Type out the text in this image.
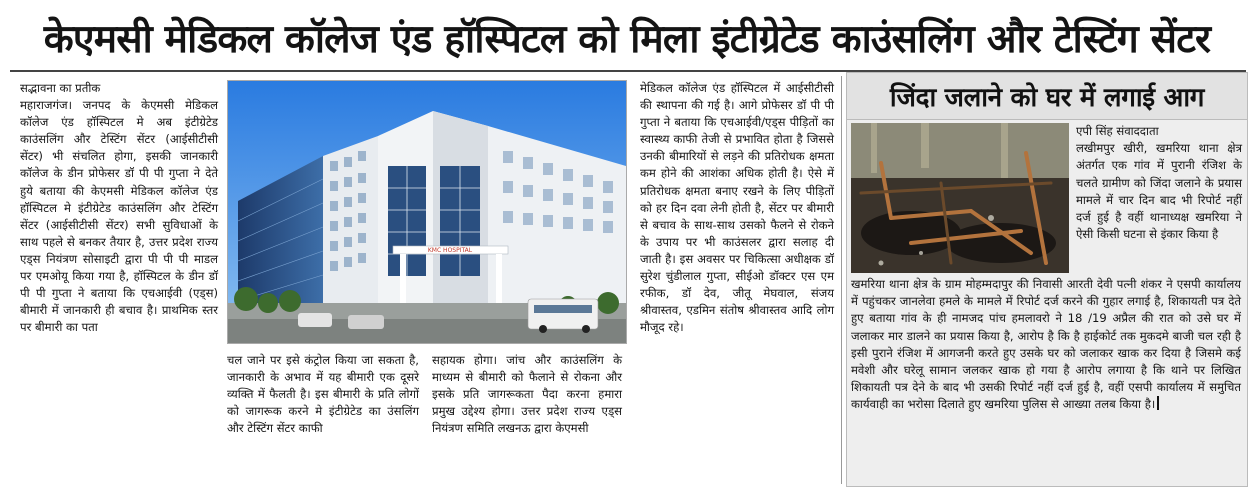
केएमसी मेडिकल कॉलेज एंड हॉस्पिटल को मिला इंटीग्रेटेड काउंसलिंग और टेस्टिंग सेंटर

सद्भावना का प्रतीक

महाराजगंज। जनपद के केएमसी मेडिकल कॉलेज एंड हॉस्पिटल मे अब इंटीग्रेटेड काउंसलिंग और टेस्टिंग सेंटर (आईसीटीसी सेंटर) भी संचलित होगा, इसकी जानकारी कॉलेज के डीन प्रोफेसर डॉ पी पी गुप्ता ने देते हुये बताया की केएमसी मेडिकल कॉलेज एंड हॉस्पिटल मे इंटीग्रेटेड काउंसलिंग और टेस्टिंग सेंटर (आईसीटीसी सेंटर) सभी सुविधाओं के साथ पहले से बनकर तैयार है, उत्तर प्रदेश राज्य एड्स नियंत्रण सोसाइटी द्वारा पी पी पी माडल पर एमओयू किया गया है, हॉस्पिटल के डीन डॉ पी पी गुप्ता ने बताया कि एचआईवी (एड्स) बीमारी में जानकारी ही बचाव है। प्राथमिक स्तर पर बीमारी का पता

KMC HOSPITAL

चल जाने पर इसे कंट्रोल किया जा सकता है, जानकारी के अभाव में यह बीमारी एक दूसरे व्यक्ति में फैलती है। इस बीमारी के प्रति लोगों को जागरूक करने मे इंटीग्रेटेड का उंसलिंग और टेस्टिंग सेंटर काफी

सहायक होगा। जांच और काउंसलिंग के माध्यम से बीमारी को फैलाने से रोकना और इसके प्रति जागरूकता पैदा करना हमारा प्रमुख उद्देश्य होगा। उत्तर प्रदेश राज्य एड्स नियंत्रण समिति लखनऊ द्वारा केएमसी

मेडिकल कॉलेज एंड हॉस्पिटल में आईसीटीसी की स्थापना की गई है। आगे प्रोफेसर डॉ पी पी गुप्ता ने बताया कि एचआईवी/एड्स पीड़ितों का स्वास्थ्य काफी तेजी से प्रभावित होता है जिससे उनकी बीमारियों से लड़ने की प्रतिरोधक क्षमता कम होने की आशंका अधिक होती है। ऐसे में प्रतिरोधक क्षमता बनाए रखने के लिए पीड़ितों को हर दिन दवा लेनी होती है, सेंटर पर बीमारी से बचाव के साथ-साथ उसको फैलने से रोकने के उपाय पर भी काउंसलर द्वारा सलाह दी जाती है। इस अवसर पर चिकित्सा अधीक्षक डॉ सुरेश चुंडीलाल गुप्ता, सीईओ डॉक्टर एस एम रफीक, डॉ देव, जीतू मेघवाल, संजय श्रीवास्तव, एडमिन संतोष श्रीवास्तव आदि लोग मौजूद रहे।

जिंदा जलाने को घर में लगाई आग

एपी सिंह संवाददाता

लखीमपुर खीरी, खमरिया थाना क्षेत्र अंतर्गत एक गांव में पुरानी रंजिश के चलते ग्रामीण को जिंदा जलाने के प्रयास मामले में चार दिन बाद भी रिपोर्ट नहीं दर्ज हुई है वहीं थानाध्यक्ष खमरिया ने ऐसी किसी घटना से इंकार किया है

खमरिया थाना क्षेत्र के ग्राम मोहम्मदापुर की निवासी आरती देवी पत्नी शंकर ने एसपी कार्यालय में पहुंचकर जानलेवा हमले के मामले में रिपोर्ट दर्ज करने की गुहार लगाई है, शिकायती पत्र देते हुए बताया गांव के ही नामजद पांच हमलावरो ने 18 /19 अप्रैल की रात को उसे घर में जलाकर मार डालने का प्रयास किया है, आरोप है कि है हाईकोर्ट तक मुकदमे बाजी चल रही है इसी पुराने रंजिश में आगजनी करते हुए उसके घर को जलाकर खाक कर दिया है जिसमे कई मवेशी और घरेलू सामान जलकर खाक हो गया है आरोप लगाया है कि थाने पर लिखित शिकायती पत्र देने के बाद भी उसकी रिपोर्ट नहीं दर्ज हुई है, वहीं एसपी कार्यालय में समुचित कार्यवाही का भरोसा दिलाते हुए खमरिया पुलिस से आख्या तलब किया है।
